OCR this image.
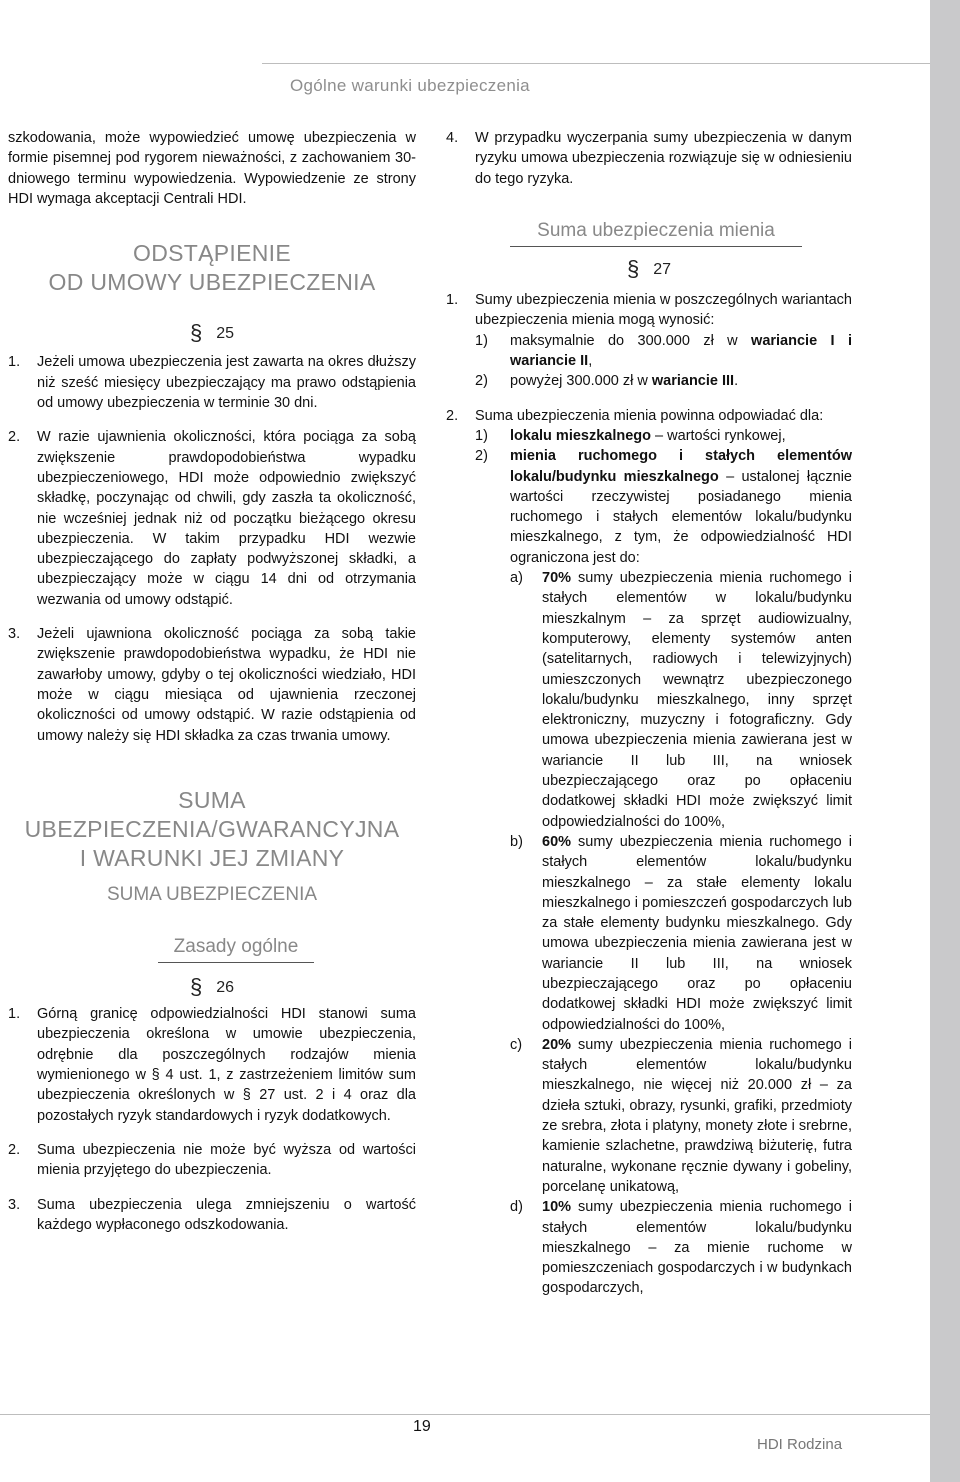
Ogólne warunki ubezpieczenia

szkodowania, może wypowiedzieć umowę ubezpieczenia w formie pisemnej pod rygorem nieważności, z zachowaniem 30-dniowego terminu wypowiedzenia. Wypowiedzenie ze strony HDI wymaga akceptacji Centrali HDI.

ODSTĄPIENIE
OD UMOWY UBEZPIECZENIA
§ 25
1. Jeżeli umowa ubezpieczenia jest zawarta na okres dłuższy niż sześć miesięcy ubezpieczający ma prawo odstąpienia od umowy ubezpieczenia w terminie 30 dni.
2. W razie ujawnienia okoliczności, która pociąga za sobą zwiększenie prawdopodobieństwa wypadku ubezpieczeniowego, HDI może odpowiednio zwiększyć składkę, poczynając od chwili, gdy zaszła ta okoliczność, nie wcześniej jednak niż od początku bieżącego okresu ubezpieczenia. W takim przypadku HDI wezwie ubezpieczającego do zapłaty podwyższonej składki, a ubezpieczający może w ciągu 14 dni od otrzymania wezwania od umowy odstąpić.
3. Jeżeli ujawniona okoliczność pociąga za sobą takie zwiększenie prawdopodobieństwa wypadku, że HDI nie zawarłoby umowy, gdyby o tej okoliczności wiedziało, HDI może w ciągu miesiąca od ujawnienia rzeczonej okoliczności od umowy odstąpić. W razie odstąpienia od umowy należy się HDI składka za czas trwania umowy.
SUMA
UBEZPIECZENIA/GWARANCYJNA
I WARUNKI JEJ ZMIANY
SUMA UBEZPIECZENIA
Zasady ogólne
§ 26
1. Górną granicę odpowiedzialności HDI stanowi suma ubezpieczenia określona w umowie ubezpieczenia, odrębnie dla poszczególnych rodzajów mienia wymienionego w § 4 ust. 1, z zastrzeżeniem limitów sum ubezpieczenia określonych w § 27 ust. 2 i 4 oraz dla pozostałych ryzyk standardowych i ryzyk dodatkowych.
2. Suma ubezpieczenia nie może być wyższa od wartości mienia przyjętego do ubezpieczenia.
3. Suma ubezpieczenia ulega zmniejszeniu o wartość każdego wypłaconego odszkodowania.
4. W przypadku wyczerpania sumy ubezpieczenia w danym ryzyku umowa ubezpieczenia rozwiązuje się w odniesieniu do tego ryzyka.
Suma ubezpieczenia mienia
§ 27
1. Sumy ubezpieczenia mienia w poszczególnych wariantach ubezpieczenia mienia mogą wynosić:
1) maksymalnie do 300.000 zł w wariancie I i wariancie II,
2) powyżej 300.000 zł w wariancie III.
2. Suma ubezpieczenia mienia powinna odpowiadać dla:
1) lokalu mieszkalnego – wartości rynkowej,
2) mienia ruchomego i stałych elementów lokalu/budynku mieszkalnego – ustalonej łącznie wartości rzeczywistej posiadanego mienia ruchomego i stałych elementów lokalu/budynku mieszkalnego, z tym, że odpowiedzialność HDI ograniczona jest do:
a) 70% sumy ubezpieczenia mienia ruchomego i stałych elementów w lokalu/budynku mieszkalnym – za sprzęt audiowizualny, komputerowy, elementy systemów anten (satelitarnych, radiowych i telewizyjnych) umieszczonych wewnątrz ubezpieczonego lokalu/budynku mieszkalnego, inny sprzęt elektroniczny, muzyczny i fotograficzny. Gdy umowa ubezpieczenia mienia zawierana jest w wariancie II lub III, na wniosek ubezpieczającego oraz po opłaceniu dodatkowej składki HDI może zwiększyć limit odpowiedzialności do 100%,
b) 60% sumy ubezpieczenia mienia ruchomego i stałych elementów lokalu/budynku mieszkalnego – za stałe elementy lokalu mieszkalnego i pomieszczeń gospodarczych lub za stałe elementy budynku mieszkalnego. Gdy umowa ubezpieczenia mienia zawierana jest w wariancie II lub III, na wniosek ubezpieczającego oraz po opłaceniu dodatkowej składki HDI może zwiększyć limit odpowiedzialności do 100%,
c) 20% sumy ubezpieczenia mienia ruchomego i stałych elementów lokalu/budynku mieszkalnego, nie więcej niż 20.000 zł – za dzieła sztuki, obrazy, rysunki, grafiki, przedmioty ze srebra, złota i platyny, monety złote i srebrne, kamienie szlachetne, prawdziwą biżuterię, futra naturalne, wykonane ręcznie dywany i gobeliny, porcelanę unikatową,
d) 10% sumy ubezpieczenia mienia ruchomego i stałych elementów lokalu/budynku mieszkalnego – za mienie ruchome w pomieszczeniach gospodarczych i w budynkach gospodarczych,
19
HDI Rodzina
